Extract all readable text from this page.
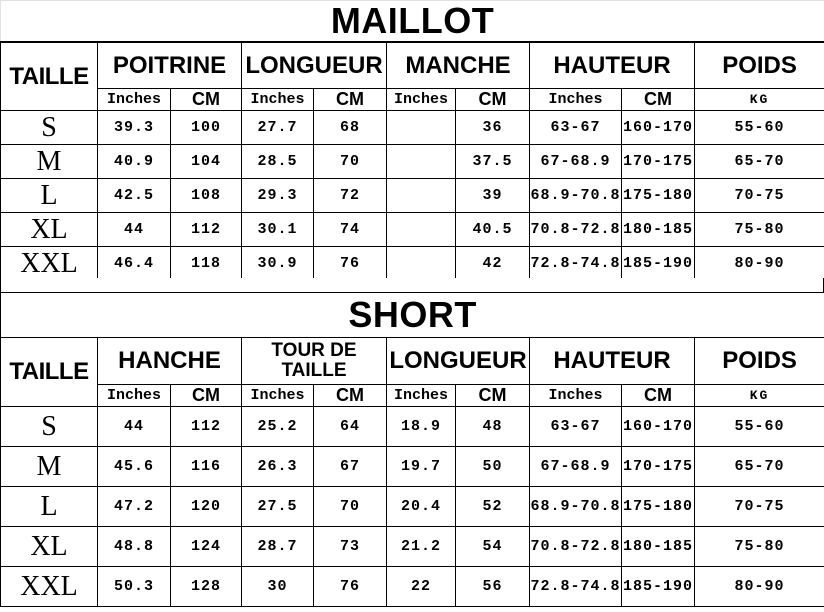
MAILLOT									
TAILLE	POITRINE		LONGUEUR		MANCHE		HAUTEUR		POIDS
	Inches	CM	Inches	CM	Inches	CM	Inches	CM	KG
S	39.3	100	27.7	68		36	63-67	160-170	55-60
M	40.9	104	28.5	70		37.5	67-68.9	170-175	65-70
L	42.5	108	29.3	72		39	68.9-70.8	175-180	70-75
XL	44	112	30.1	74		40.5	70.8-72.8	180-185	75-80
XXL	46.4	118	30.9	76		42	72.8-74.8	185-190	80-90
SHORT									
TAILLE	HANCHE		TOUR DE TAILLE		LONGUEUR		HAUTEUR		POIDS
	Inches	CM	Inches	CM	Inches	CM	Inches	CM	KG
S	44	112	25.2	64	18.9	48	63-67	160-170	55-60
M	45.6	116	26.3	67	19.7	50	67-68.9	170-175	65-70
L	47.2	120	27.5	70	20.4	52	68.9-70.8	175-180	70-75
XL	48.8	124	28.7	73	21.2	54	70.8-72.8	180-185	75-80
XXL	50.3	128	30	76	22	56	72.8-74.8	185-190	80-90
